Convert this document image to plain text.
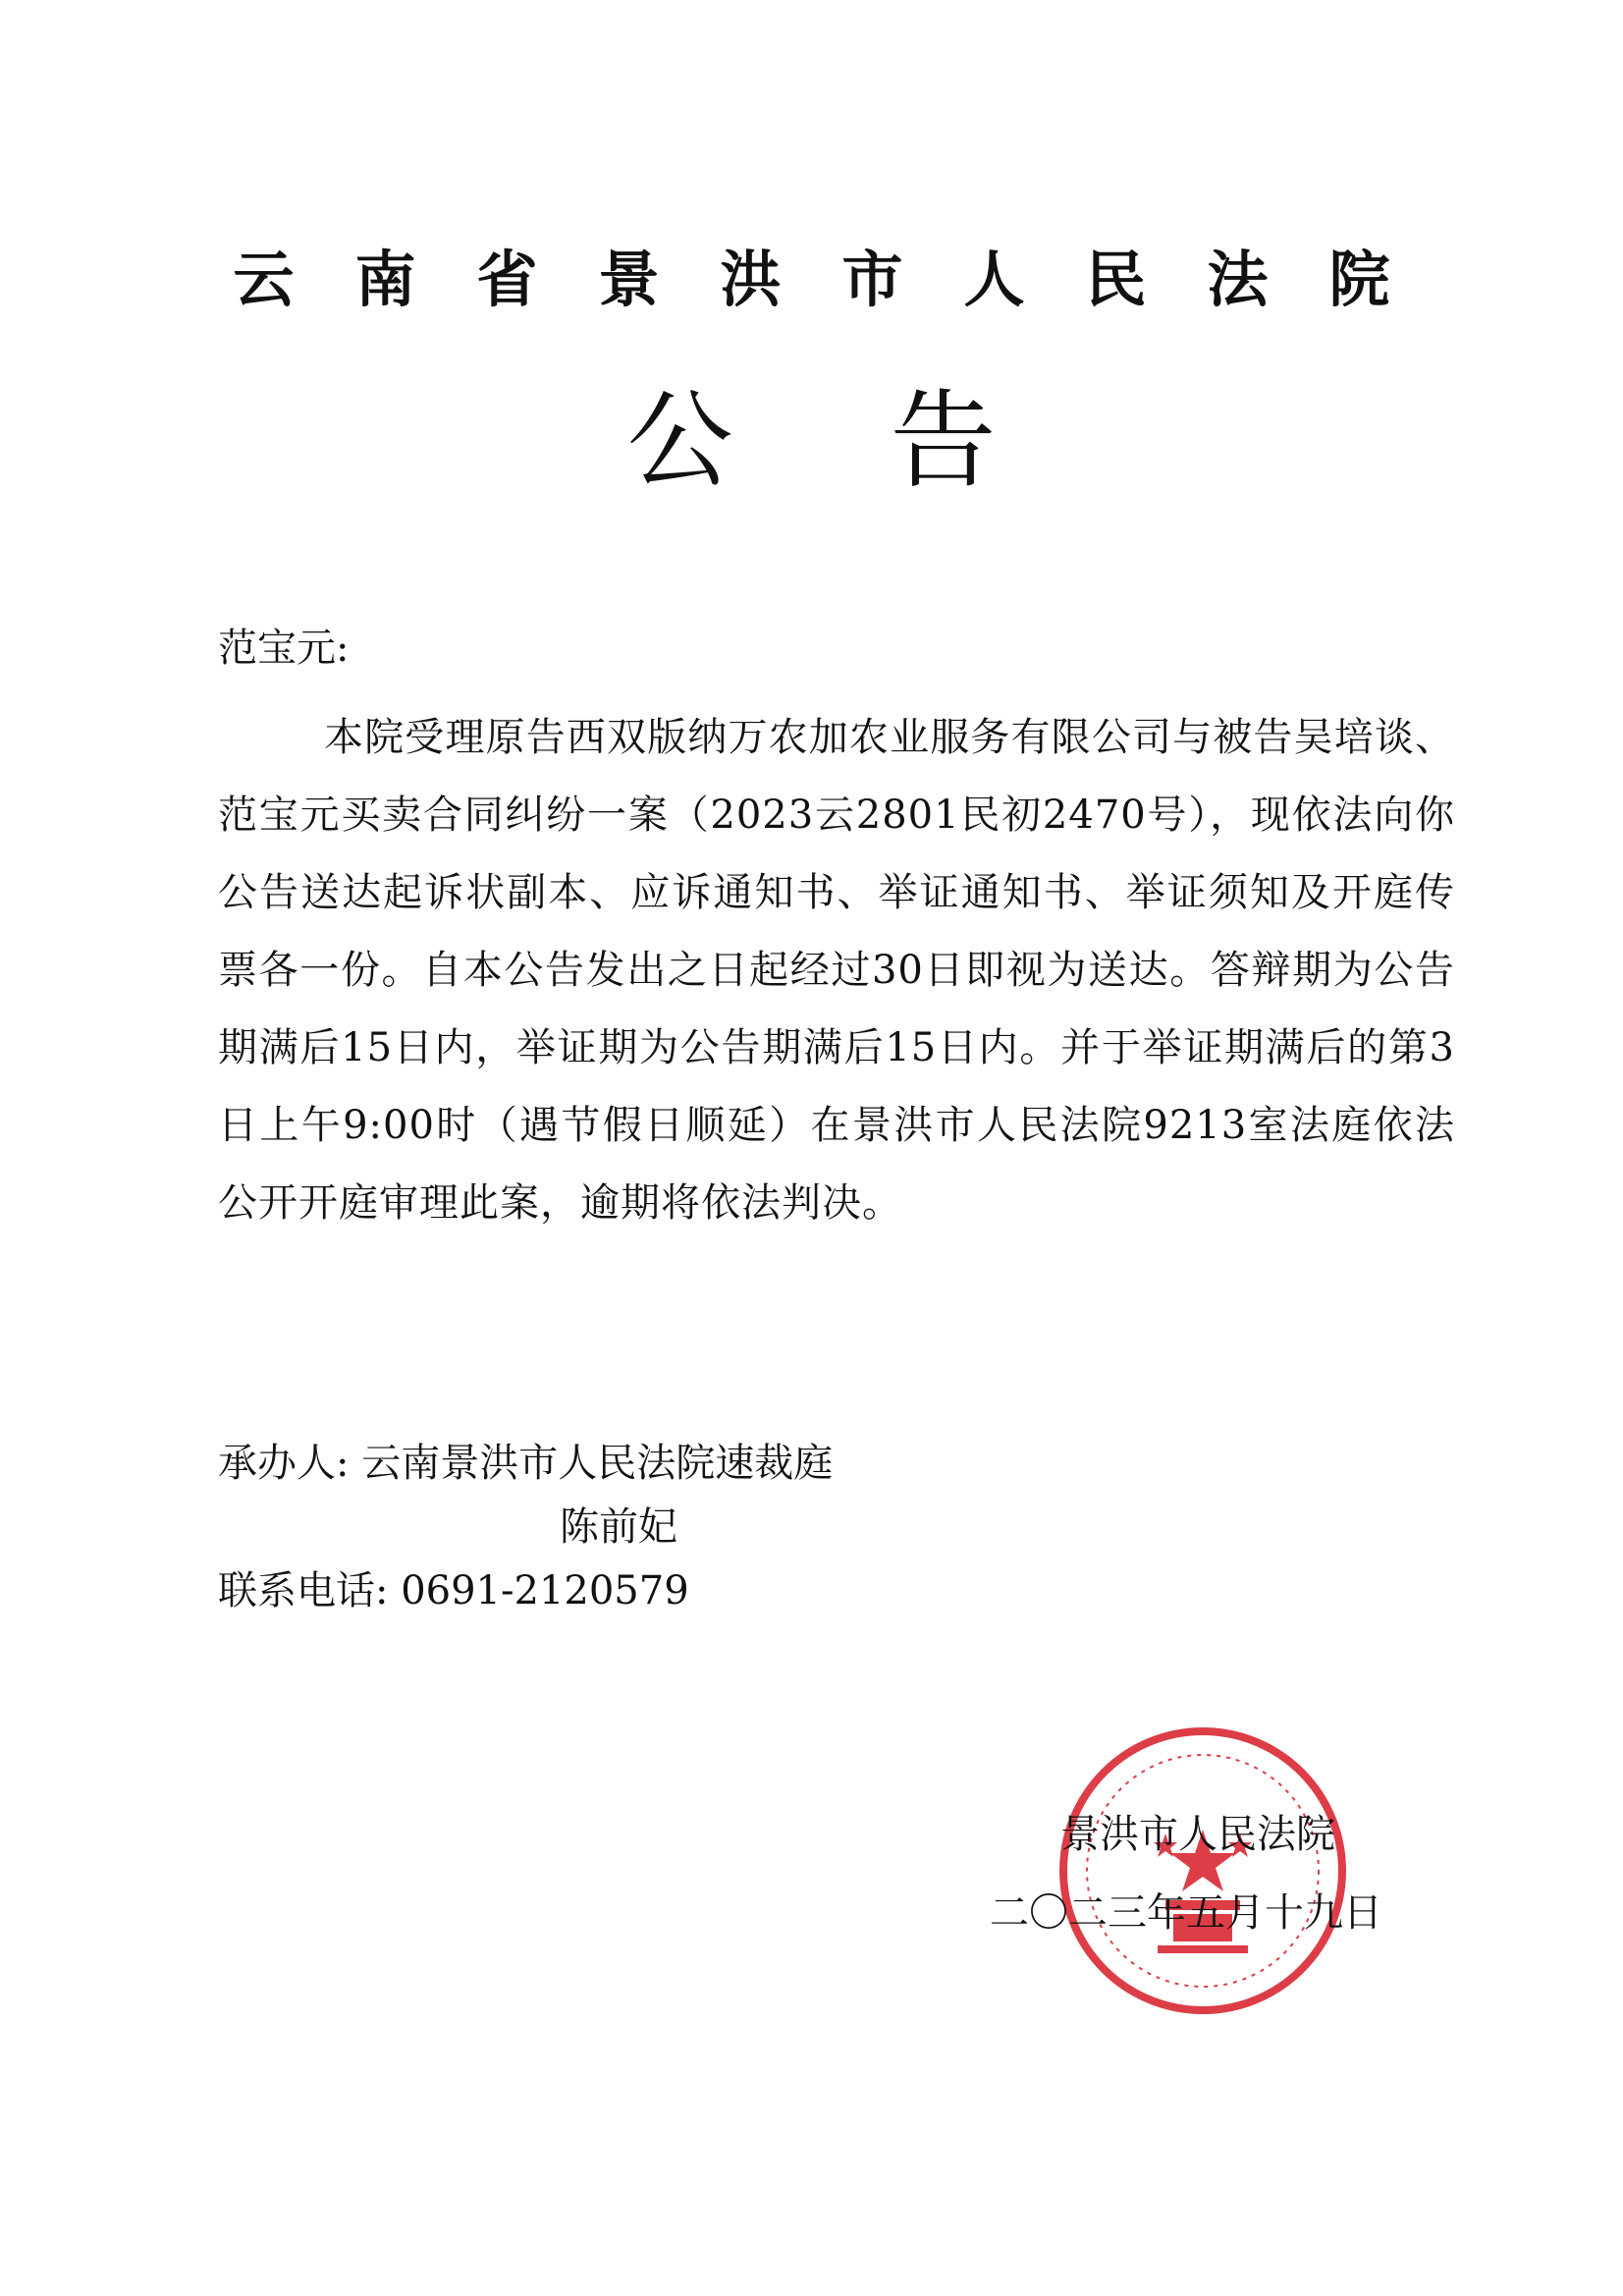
云南省景洪市人民法院
公告
范宝元:
本院受理原告西双版纳万农加农业服务有限公司与被告吴培谈、范宝元买卖合同纠纷一案（2023云2801民初2470号），现依法向你公告送达起诉状副本、应诉通知书、举证通知书、举证须知及开庭传票各一份。自本公告发出之日起经过30日即视为送达。答辩期为公告期满后15日内，举证期为公告期满后15日内。并于举证期满后的第3日上午9:00时（遇节假日顺延）在景洪市人民法院9213室法庭依法公开开庭审理此案，逾期将依法判决。
承办人: 云南景洪市人民法院速裁庭
陈前妃
联系电话: 0691-2120579
景洪市人民法院
二〇二三年五月十九日
